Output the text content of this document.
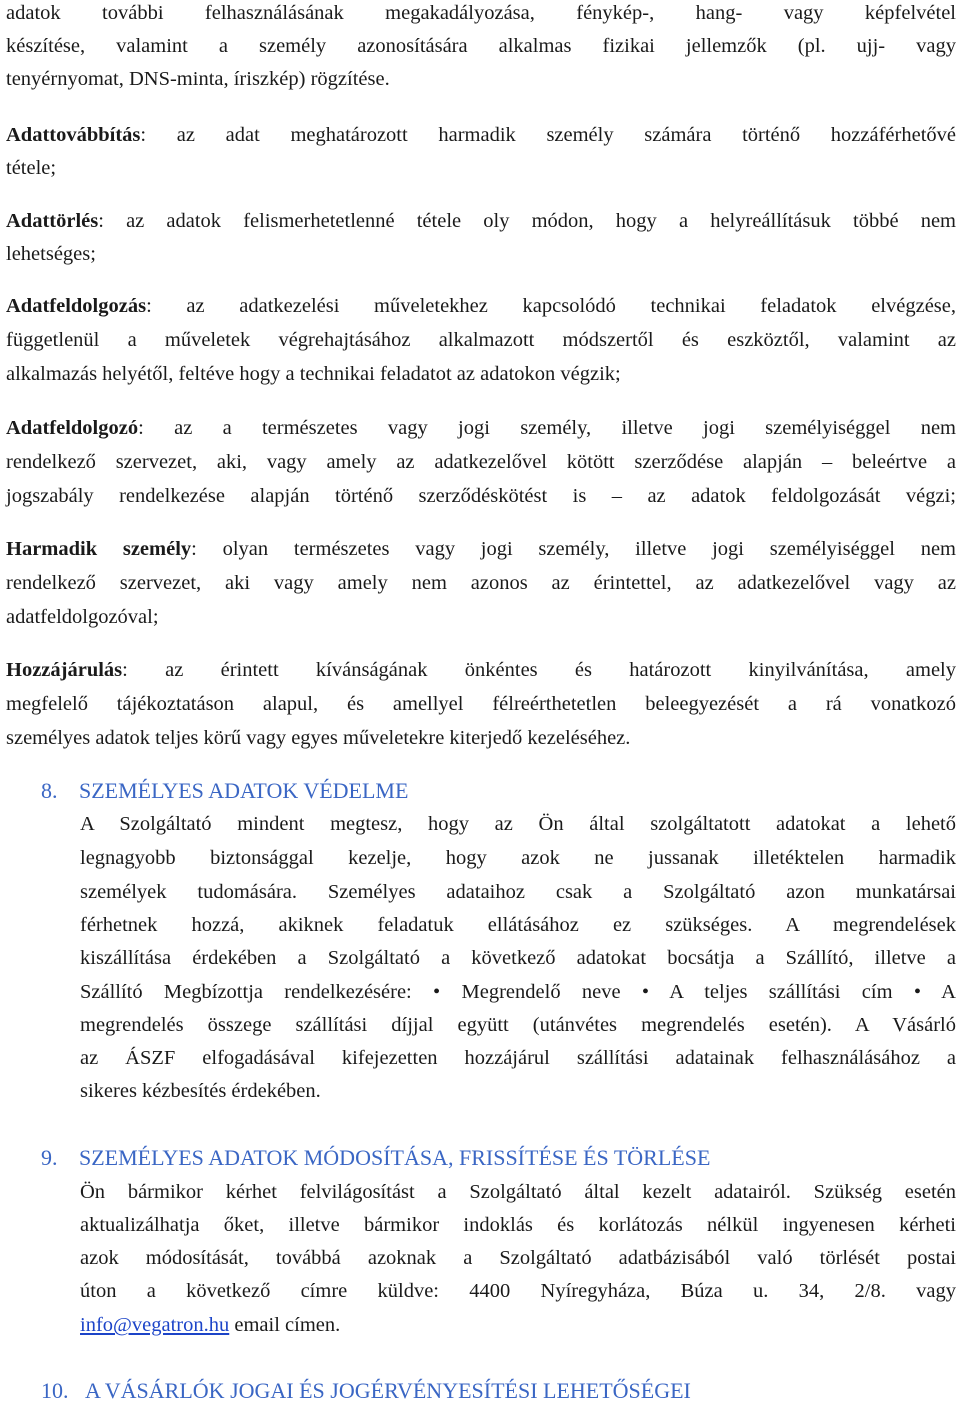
adatok további felhasználásának megakadályozása, fénykép-, hang- vagy képfelvétel
készítése, valamint a személy azonosítására alkalmas fizikai jellemzők (pl. ujj- vagy
tenyérnyomat, DNS-minta, íriszkép) rögzítése.
Adattovábbítás: az adat meghatározott harmadik személy számára történő hozzáférhetővé
tétele;
Adattörlés: az adatok felismerhetetlenné tétele oly módon, hogy a helyreállításuk többé nem
lehetséges;
Adatfeldolgozás: az adatkezelési műveletekhez kapcsolódó technikai feladatok elvégzése,
függetlenül a műveletek végrehajtásához alkalmazott módszertől és eszköztől, valamint az
alkalmazás helyétől, feltéve hogy a technikai feladatot az adatokon végzik;
Adatfeldolgozó: az a természetes vagy jogi személy, illetve jogi személyiséggel nem
rendelkező szervezet, aki, vagy amely az adatkezelővel kötött szerződése alapján – beleértve a
jogszabály rendelkezése alapján történő szerződéskötést is – az adatok feldolgozását végzi;
Harmadik személy: olyan természetes vagy jogi személy, illetve jogi személyiséggel nem
rendelkező szervezet, aki vagy amely nem azonos az érintettel, az adatkezelővel vagy az
adatfeldolgozóval;
Hozzájárulás: az érintett kívánságának önkéntes és határozott kinyilvánítása, amely
megfelelő tájékoztatáson alapul, és amellyel félreérthetetlen beleegyezését a rá vonatkozó
személyes adatok teljes körű vagy egyes műveletekre kiterjedő kezeléséhez.
8. SZEMÉLYES ADATOK VÉDELME
A Szolgáltató mindent megtesz, hogy az Ön által szolgáltatott adatokat a lehető
legnagyobb biztonsággal kezelje, hogy azok ne jussanak illetéktelen harmadik
személyek tudomására. Személyes adataihoz csak a Szolgáltató azon munkatársai
férhetnek hozzá, akiknek feladatuk ellátásához ez szükséges. A megrendelések
kiszállítása érdekében a Szolgáltató a következő adatokat bocsátja a Szállító, illetve a
Szállító Megbízottja rendelkezésére: • Megrendelő neve • A teljes szállítási cím • A
megrendelés összege szállítási díjjal együtt (utánvétes megrendelés esetén). A Vásárló
az ÁSZF elfogadásával kifejezetten hozzájárul szállítási adatainak felhasználásához a
sikeres kézbesítés érdekében.
9. SZEMÉLYES ADATOK MÓDOSÍTÁSA, FRISSÍTÉSE ÉS TÖRLÉSE
Ön bármikor kérhet felvilágosítást a Szolgáltató által kezelt adatairól. Szükség esetén
aktualizálhatja őket, illetve bármikor indoklás és korlátozás nélkül ingyenesen kérheti
azok módosítását, továbbá azoknak a Szolgáltató adatbázisából való törlését postai
úton a következő címre küldve: 4400 Nyíregyháza, Búza u. 34, 2/8. vagy
info@vegatron.hu email címen.
10. A VÁSÁRLÓK JOGAI ÉS JOGÉRVÉNYESÍTÉSI LEHETŐSÉGEI
